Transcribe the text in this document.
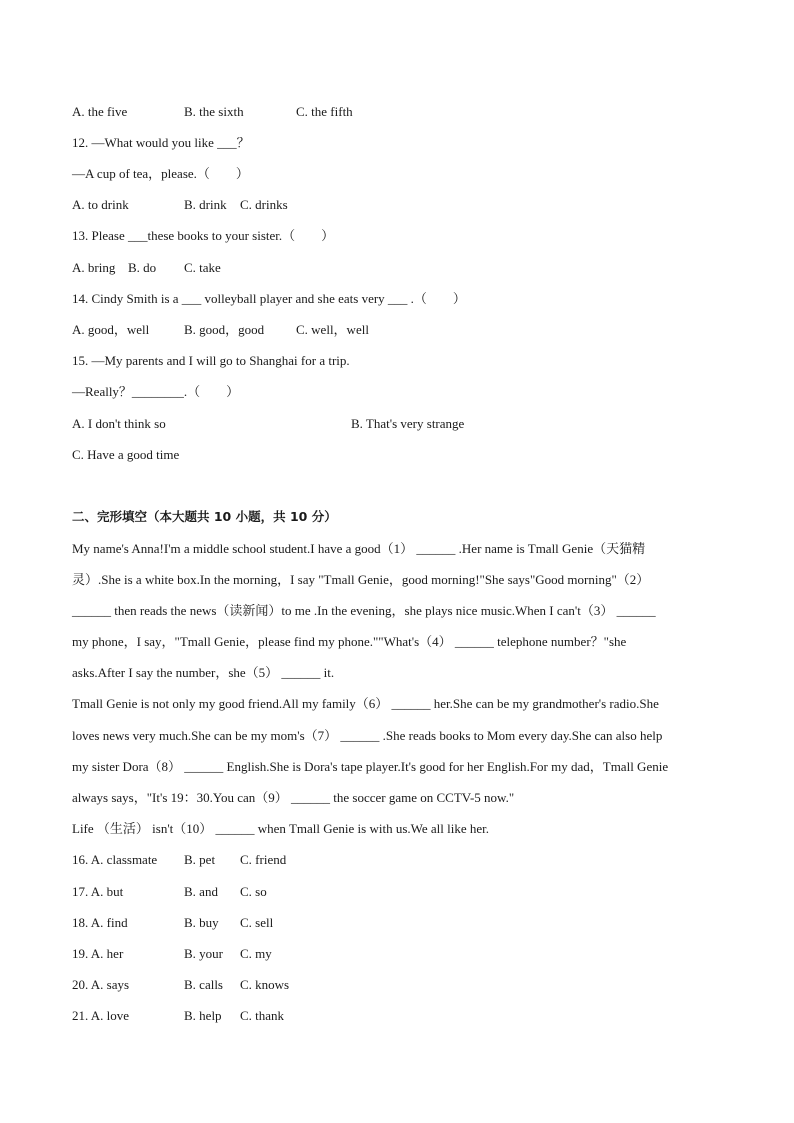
A. the five	B. the sixth	C. the fifth
12. —What would you like ___？
—A cup of tea，please.（　　）
A. to drink	B. drink C. drinks
13. Please ___these books to your sister.（　　）
A. bring B. do C. take
14. Cindy Smith is a ___ volleyball player and she eats very ___ .（　　）
A. good，well	B. good，good C. well，well
15. —My parents and I will go to Shanghai for a trip.
—Really？________.（　　）
A. I don't think so	B. That's very strange
C. Have a good time
二、完形填空（本大题共 10 小题，共 10 分）
My name's Anna!I'm a middle school student.I have a good（1） ______ .Her name is Tmall Genie（天猫精
灵）.She is a white box.In the morning，I say "Tmall Genie，good morning!"She says"Good morning"（2）
______ then reads the news（读新闻）to me .In the evening，she plays nice music.When I can't（3） ______
my phone，I say，"Tmall Genie，please find my phone.""What's（4） ______ telephone number？"she
asks.After I say the number，she（5） ______ it.
Tmall Genie is not only my good friend.All my family（6） ______ her.She can be my grandmother's radio.She
loves news very much.She can be my mom's（7） ______ .She reads books to Mom every day.She can also help
my sister Dora（8） ______ English.She is Dora's tape player.It's good for her English.For my dad，Tmall Genie
always says，"It's 19：30.You can（9） ______ the soccer game on CCTV-5 now."
Life （生活） isn't（10） ______ when Tmall Genie is with us.We all like her.
16. A. classmate B. pet C. friend
17. A. but	B. and C. so
18. A. find	B. buy C. sell
19. A. her	B. your C. my
20. A. says	B. calls C. knows
21. A. love	B. help C. thank
